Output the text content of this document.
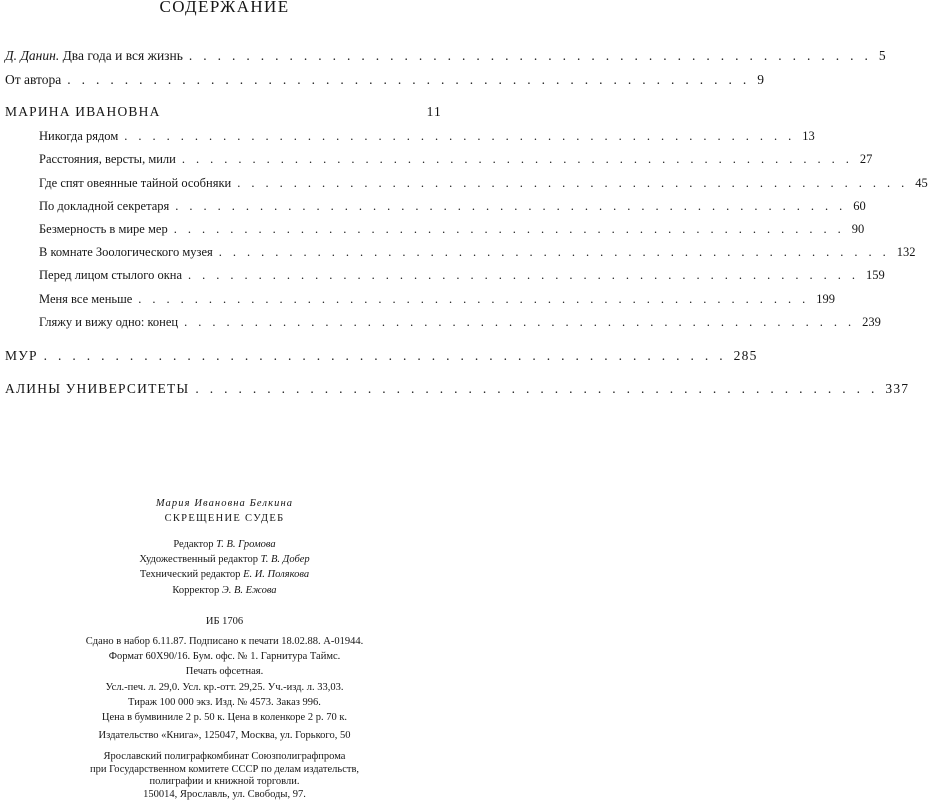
СОДЕРЖАНИЕ
Д. Данин. Два года и вся жизнь ................................................ 5
От автора ................................................ 9
МАРИНА ИВАНОВНА	11
Никогда рядом ................................................ 13
Расстояния, версты, мили ................................................ 27
Где спят овеянные тайной особняки ................................................ 45
По докладной секретаря ................................................ 60
Безмерность в мире мер ................................................ 90
В комнате Зоологического музея ................................................ 132
Перед лицом стылого окна ................................................ 159
Меня все меньше ................................................ 199
Гляжу и вижу одно: конец ................................................ 239
МУР ................................................ 285
АЛИНЫ УНИВЕРСИТЕТЫ ................................................ 337
Мария Ивановна Белкина
СКРЕЩЕНИЕ СУДЕБ
Редактор Т. В. Громова
Художественный редактор Т. В. Добер
Технический редактор Е. И. Полякова
Корректор Э. В. Ежова
ИБ 1706
Сдано в набор 6.11.87. Подписано к печати 18.02.88. А-01944.
Формат 60Х90/16. Бум. офс. № 1. Гарнитура Таймс.
Печать офсетная.
Усл.-печ. л. 29,0. Усл. кр.-отт. 29,25. Уч.-изд. л. 33,03.
Тираж 100 000 экз. Изд. № 4573. Заказ 996.
Цена в бумвиниле 2 р. 50 к. Цена в коленкоре 2 р. 70 к.
Издательство «Книга», 125047, Москва, ул. Горького, 50
Ярославский полиграфкомбинат Союзполиграфпрома
при Государственном комитете СССР по делам издательств,
полиграфии и книжной торговли.
150014, Ярославль, ул. Свободы, 97.
